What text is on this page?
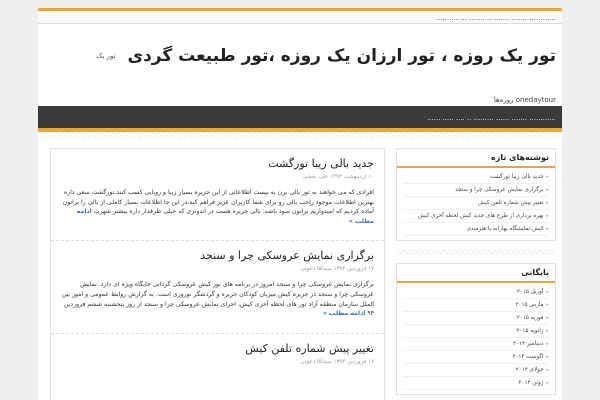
............ ....... ....... .. ....... ... .... .....
تور یک روزه ، تور ارزان یک روزه ،تور طبیعت گردی تور یک
onedaytour روزه‌ها
............ ....... ...... ......... .. .... ..... ......
جدید بالی زیبا تورگشت
۱۰ اردیبهشت ۱۳۹۴ علی بخشی
افرادی که می خواهند به تور بالی برن به بیست اطلاعاتی از این جزیره بسیار زیبا و رویایی کسب کنند.تورگشت سعی داره بهترین اطلاعات موجود راجب بالی رو برای شما کاربران عزیز فراهم کنه.در این جا اطلاعات بسیار کاملی از بالی را براتون آماده کردیم که امیدواریم براتون سود باشه: بالی جزیره هست در اندونزی که خیلی طرفدار داره بیشتر شهرت ادامه مطلب »
برگزاری نمایش عروسکی چرا و سنجد
۱۷ فروردین ۱۳۹۴ سیدآقا دعوتی
برگزاری نمایش عروسکی چرا و سنجد امروز در برنامه های تور کیش عروسکی گردانی جایگاه ویژه ای دارد. نمایش عروسکی چرا و سنجد در جزیره کیش میزبان کودکان جزیره و گردشگر نوروزی است. به گزارش روابط عمومی و امور بین الملل سازمان منطقه آزاد تور های لحظه آخری کیش، اجرای نمایش عروسکی چرا و سنجد از روز پنجشنبه ششم فروردین ۹۴ ادامه مطلب »
تغییر پیش شماره تلفن کیش
۱۷ فروردین ۱۳۹۴ سیدآقا دعوتی
نوشته‌های تازه
▸ جدید بالی زیبا تورگشت
▸ برگزاری نمایش عروسکی چرا و سنجد
▸ تغییر پیش شماره تلفن کیش
▸ بهره برداری از طرح های جدید کیش لحظه آخری کیش
▸ کیش نمایشگاه بهارانه با هنرمندی
بایگانی
▸ آوریل ۲۰۱۵
▸ مارس ۲۰۱۵
▸ فوریه ۲۰۱۵
▸ ژانویه ۲۰۱۵
▸ دسامبر ۲۰۱۴
▸ اگوست ۲۰۱۴
▸ جولای ۲۰۱۴
▸ ژوئن ۲۰۱۴
